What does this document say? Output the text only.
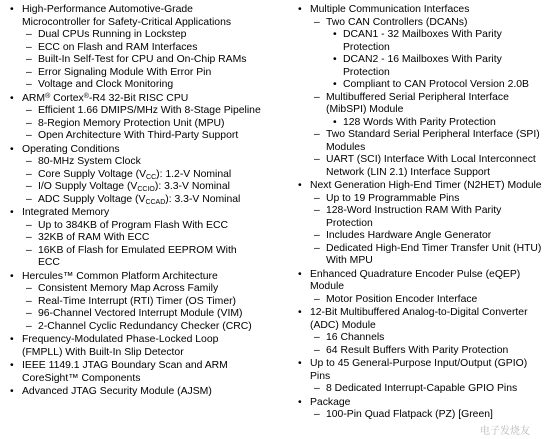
• High-Performance Automotive-Grade
Microcontroller for Safety-Critical Applications
– Dual CPUs Running in Lockstep
– ECC on Flash and RAM Interfaces
– Built-In Self-Test for CPU and On-Chip RAMs
– Error Signaling Module With Error Pin
– Voltage and Clock Monitoring
• ARM® Cortex®-R4 32-Bit RISC CPU
– Efficient 1.66 DMIPS/MHz With 8-Stage Pipeline
– 8-Region Memory Protection Unit (MPU)
– Open Architecture With Third-Party Support
• Operating Conditions
– 80-MHz System Clock
– Core Supply Voltage $(V_{CC})$: 1.2-V Nominal
– I/O Supply Voltage $(V_{CCIO})$: 3.3-V Nominal
– ADC Supply Voltage $(V_{CCAD})$: 3.3-V Nominal
• Integrated Memory
– Up to 384KB of Program Flash With ECC
– 32KB of RAM With ECC
– 16KB of Flash for Emulated EEPROM With
ECC
• Hercules™ Common Platform Architecture
– Consistent Memory Map Across Family
– Real-Time Interrupt (RTI) Timer (OS Timer)
– 96-Channel Vectored Interrupt Module (VIM)
– 2-Channel Cyclic Redundancy Checker (CRC)
• Frequency-Modulated Phase-Locked Loop
(FMPLL) With Built-In Slip Detector
• IEEE 1149.1 JTAG Boundary Scan and ARM
CoreSight™ Components
• Advanced JTAG Security Module (AJSM)
• Multiple Communication Interfaces
– Two CAN Controllers (DCANs)
• DCAN1 - 32 Mailboxes With Parity
Protection
• DCAN2 - 16 Mailboxes With Parity
Protection
• Compliant to CAN Protocol Version 2.0B
– Multibuffered Serial Peripheral Interface
(MibSPI) Module
• 128 Words With Parity Protection
– Two Standard Serial Peripheral Interface (SPI)
Modules
– UART (SCI) Interface With Local Interconnect
Network (LIN 2.1) Interface Support
• Next Generation High-End Timer (N2HET) Module
– Up to 19 Programmable Pins
– 128-Word Instruction RAM With Parity
Protection
– Includes Hardware Angle Generator
– Dedicated High-End Timer Transfer Unit (HTU)
With MPU
• Enhanced Quadrature Encoder Pulse (eQEP)
Module
– Motor Position Encoder Interface
• 12-Bit Multibuffered Analog-to-Digital Converter
(ADC) Module
– 16 Channels
– 64 Result Buffers With Parity Protection
• Up to 45 General-Purpose Input/Output (GPIO)
Pins
– 8 Dedicated Interrupt-Capable GPIO Pins
• Package
– 100-Pin Quad Flatpack (PZ) [Green]
电子发烧友
